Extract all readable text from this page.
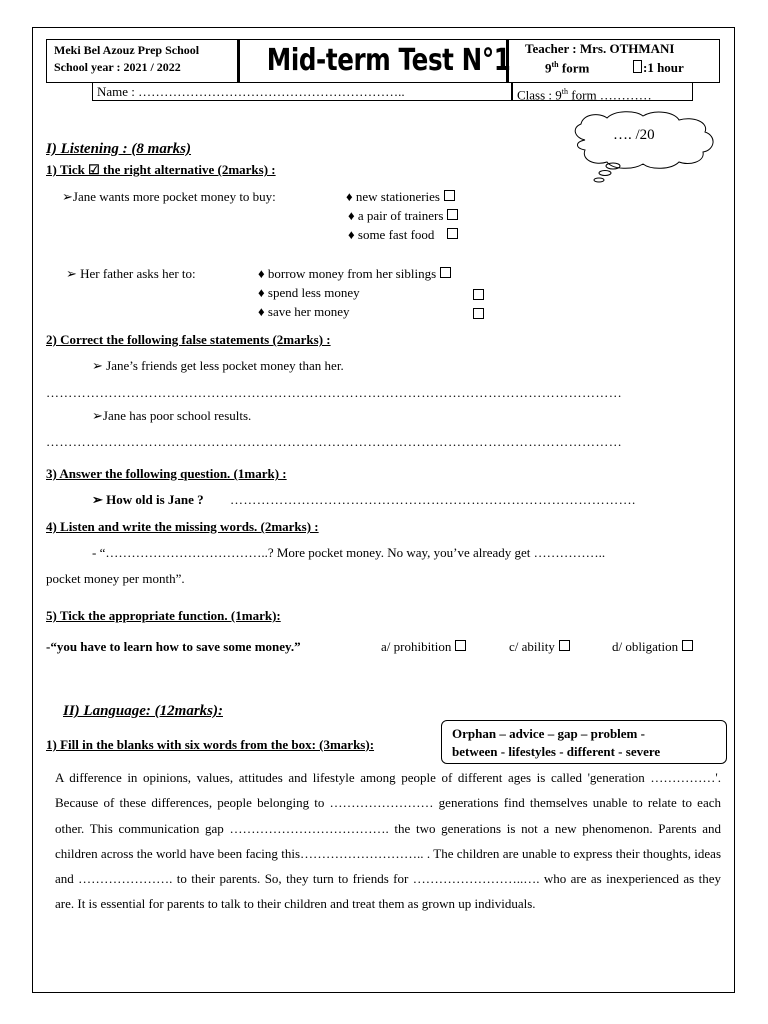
Meki Bel Azouz Prep School
School year : 2021 / 2022	Mid-term Test N°1 Teacher : Mrs. OTHMANI
9th form	:1 hour
Name : ……………………………………………………..	Class : 9th form …………
…. /20
I) Listening : (8 marks)
1) Tick ☑ the right alternative (2marks) :
➢Jane wants more pocket money to buy:	♦ new stationeries
♦ a pair of trainers
♦ some fast food
➢ Her father asks her to:	♦ borrow money from her siblings
♦ spend less money
♦ save her money
2) Correct the following false statements (2marks) :
➢ Jane’s friends get less pocket money than her.
…………………………………………………………………………………………………………………
➢Jane has poor school results.
…………………………………………………………………………………………………………………
3) Answer the following question. (1mark) :
➢ How old is Jane ? ……………………………………………………………………………….
4) Listen and write the missing words. (2marks) :
- “………………………………..? More pocket money. No way, you’ve already get ……………..
pocket money per month”.
5) Tick the appropriate function. (1mark):
-“you have to learn how to save some money.”	a/ prohibition	c/ ability	d/ obligation
II) Language: (12marks):
1) Fill in the blanks with six words from the box: (3marks):
Orphan – advice – gap – problem -
between - lifestyles - different - severe

A difference in opinions, values, attitudes and lifestyle among people of different ages is called 'generation ……………'. Because of these differences, people belonging to …………………… generations find themselves unable to relate to each other. This communication gap ………………………………. the two generations is not a new phenomenon. Parents and children across the world have been facing this……………………….. . The children are unable to express their thoughts, ideas and …………………. to their parents. So, they turn to friends for ……………………..…. who are as inexperienced as they are. It is essential for parents to talk to their children and treat them as grown up individuals.
